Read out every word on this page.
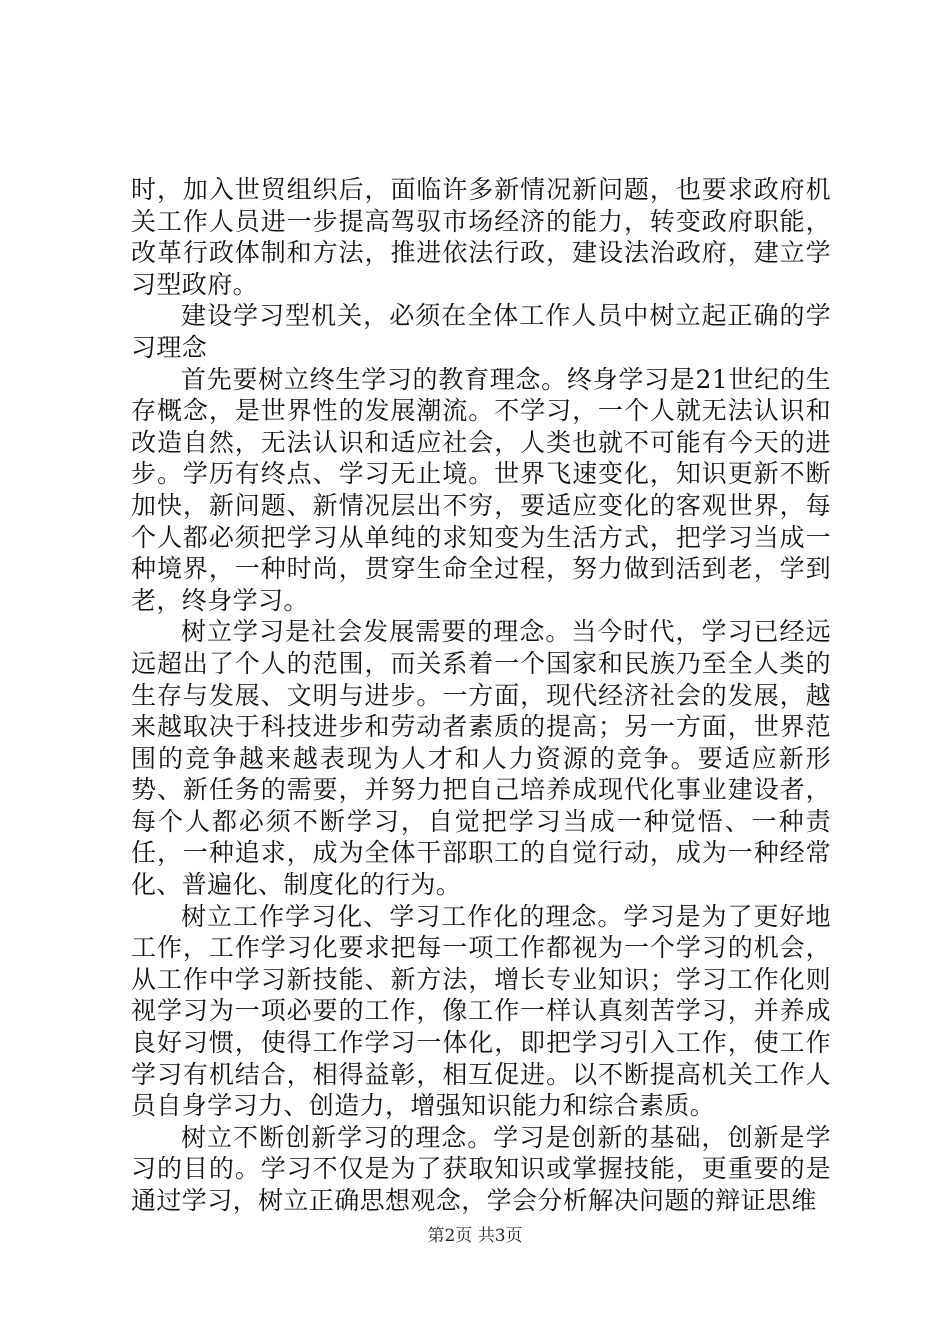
时，加入世贸组织后，面临许多新情况新问题，也要求政府机关工作人员进一步提高驾驭市场经济的能力，转变政府职能，改革行政体制和方法，推进依法行政，建设法治政府，建立学习型政府。

建设学习型机关，必须在全体工作人员中树立起正确的学习理念

首先要树立终生学习的教育理念。终身学习是21世纪的生存概念，是世界性的发展潮流。不学习，一个人就无法认识和改造自然，无法认识和适应社会，人类也就不可能有今天的进步。学历有终点、学习无止境。世界飞速变化，知识更新不断加快，新问题、新情况层出不穷，要适应变化的客观世界，每个人都必须把学习从单纯的求知变为生活方式，把学习当成一种境界，一种时尚，贯穿生命全过程，努力做到活到老，学到老，终身学习。

树立学习是社会发展需要的理念。当今时代，学习已经远远超出了个人的范围，而关系着一个国家和民族乃至全人类的生存与发展、文明与进步。一方面，现代经济社会的发展，越来越取决于科技进步和劳动者素质的提高；另一方面，世界范围的竞争越来越表现为人才和人力资源的竞争。要适应新形势、新任务的需要，并努力把自己培养成现代化事业建设者，每个人都必须不断学习，自觉把学习当成一种觉悟、一种责任，一种追求，成为全体干部职工的自觉行动，成为一种经常化、普遍化、制度化的行为。

树立工作学习化、学习工作化的理念。学习是为了更好地工作，工作学习化要求把每一项工作都视为一个学习的机会，从工作中学习新技能、新方法，增长专业知识；学习工作化则视学习为一项必要的工作，像工作一样认真刻苦学习，并养成良好习惯，使得工作学习一体化，即把学习引入工作，使工作学习有机结合，相得益彰，相互促进。以不断提高机关工作人员自身学习力、创造力，增强知识能力和综合素质。

树立不断创新学习的理念。学习是创新的基础，创新是学习的目的。学习不仅是为了获取知识或掌握技能，更重要的是通过学习，树立正确思想观念，学会分析解决问题的辩证思维

第2页 共3页
